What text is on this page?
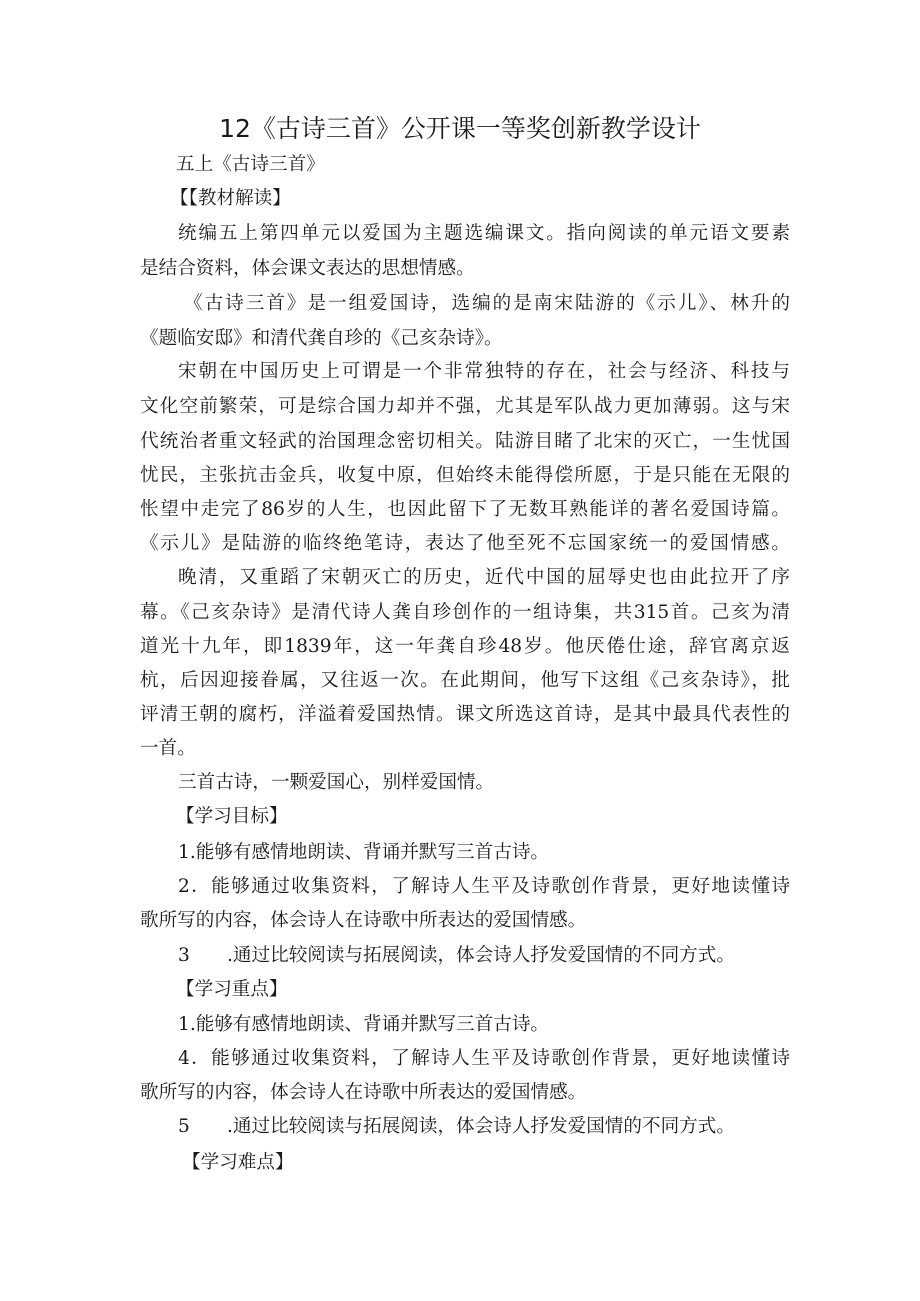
12《古诗三首》公开课一等奖创新教学设计
五上《古诗三首》
【【教材解读】
统编五上第四单元以爱国为主题选编课文。指向阅读的单元语文要素
是结合资料，体会课文表达的思想情感。
《古诗三首》是一组爱国诗，选编的是南宋陆游的《示儿》、林升的
《题临安邸》和清代龚自珍的《己亥杂诗》。
宋朝在中国历史上可谓是一个非常独特的存在，社会与经济、科技与
文化空前繁荣，可是综合国力却并不强，尤其是军队战力更加薄弱。这与宋
代统治者重文轻武的治国理念密切相关。陆游目睹了北宋的灭亡，一生忧国
忧民，主张抗击金兵，收复中原，但始终未能得偿所愿，于是只能在无限的
怅望中走完了86岁的人生，也因此留下了无数耳熟能详的著名爱国诗篇。
《示儿》是陆游的临终绝笔诗，表达了他至死不忘国家统一的爱国情感。
晚清，又重蹈了宋朝灭亡的历史，近代中国的屈辱史也由此拉开了序
幕。《己亥杂诗》是清代诗人龚自珍创作的一组诗集，共315首。己亥为清
道光十九年，即1839年，这一年龚自珍48岁。他厌倦仕途，辞官离京返
杭，后因迎接眷属，又往返一次。在此期间，他写下这组《己亥杂诗》，批
评清王朝的腐朽，洋溢着爱国热情。课文所选这首诗，是其中最具代表性的
一首。
三首古诗，一颗爱国心，别样爱国情。
【学习目标】
1.能够有感情地朗读、背诵并默写三首古诗。
2．能够通过收集资料，了解诗人生平及诗歌创作背景，更好地读懂诗
歌所写的内容，体会诗人在诗歌中所表达的爱国情感。
3　　.通过比较阅读与拓展阅读，体会诗人抒发爱国情的不同方式。
【学习重点】
1.能够有感情地朗读、背诵并默写三首古诗。
4．能够通过收集资料，了解诗人生平及诗歌创作背景，更好地读懂诗
歌所写的内容，体会诗人在诗歌中所表达的爱国情感。
5　　.通过比较阅读与拓展阅读，体会诗人抒发爱国情的不同方式。
【学习难点】
